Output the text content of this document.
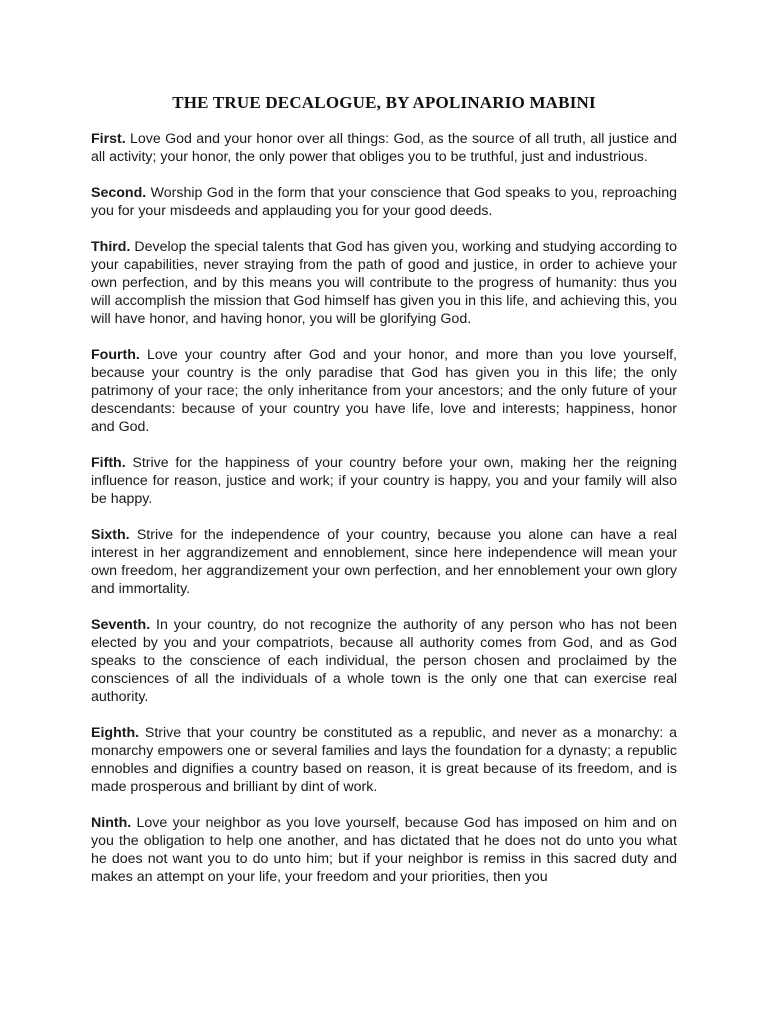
THE TRUE DECALOGUE, BY APOLINARIO MABINI

First. Love God and your honor over all things: God, as the source of all truth, all justice and all activity; your honor, the only power that obliges you to be truthful, just and industrious.

Second. Worship God in the form that your conscience that God speaks to you, reproaching you for your misdeeds and applauding you for your good deeds.

Third. Develop the special talents that God has given you, working and studying according to your capabilities, never straying from the path of good and justice, in order to achieve your own perfection, and by this means you will contribute to the progress of humanity: thus you will accomplish the mission that God himself has given you in this life, and achieving this, you will have honor, and having honor, you will be glorifying God.

Fourth. Love your country after God and your honor, and more than you love yourself, because your country is the only paradise that God has given you in this life; the only patrimony of your race; the only inheritance from your ancestors; and the only future of your descendants: because of your country you have life, love and interests; happiness, honor and God.

Fifth. Strive for the happiness of your country before your own, making her the reigning influence for reason, justice and work; if your country is happy, you and your family will also be happy.

Sixth. Strive for the independence of your country, because you alone can have a real interest in her aggrandizement and ennoblement, since here independence will mean your own freedom, her aggrandizement your own perfection, and her ennoblement your own glory and immortality.

Seventh. In your country, do not recognize the authority of any person who has not been elected by you and your compatriots, because all authority comes from God, and as God speaks to the conscience of each individual, the person chosen and proclaimed by the consciences of all the individuals of a whole town is the only one that can exercise real authority.

Eighth. Strive that your country be constituted as a republic, and never as a monarchy: a monarchy empowers one or several families and lays the foundation for a dynasty; a republic ennobles and dignifies a country based on reason, it is great because of its freedom, and is made prosperous and brilliant by dint of work.

Ninth. Love your neighbor as you love yourself, because God has imposed on him and on you the obligation to help one another, and has dictated that he does not do unto you what he does not want you to do unto him; but if your neighbor is remiss in this sacred duty and makes an attempt on your life, your freedom and your priorities, then you
